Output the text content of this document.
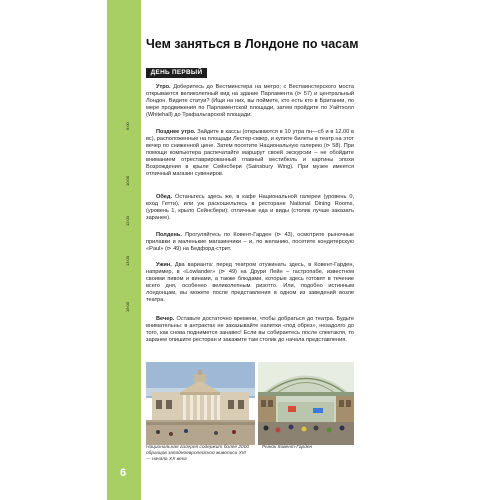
6
9:00
10:00
12:00
13:00
19:00
Чем заняться в Лондоне по часам
ДЕНЬ ПЕРВЫЙ
Утро. Доберитесь до Вестминстера на метро; с Вестминстерского моста открывается великолепный вид на здание Парламента (⊳ 57) и центральный Лондон. Видите статуи? (Ищи на них, вы поймете, кто есть кто в Британии, по мере продвижения по Парламентской площади, затем пройдите по Уайтхолл (Whitehall) до Трафальгарской площади.
Позднее утро. Зайдите в кассы (открываются в 10 утра пн—сб и в 12.00 в вс), расположенные на площади Лестер-сквер, и купите билеты в театр на этот вечер по сниженной цене. Затем посетите Национальную галерею (⊳ 58). При помощи компьютера распечатайте маршрут своей экскурсии – не обойдите вниманием отреставрированный главный вестибюль и картины эпохи Возрождения в крыле Сейнсбери (Sainsbury Wing). При музее имеется отличный магазин сувениров.
Обед. Останьтесь здесь же, в кафе Национальной галереи (уровень 0, вход Гетти), или уж раскошельтесь в ресторане National Dining Rooms, (уровень 1, крыло Сейнсбери); отличные еда и виды (столик лучше заказать заранее).
Полдень. Прогуляйтесь по Ковент-Гарден (⊳ 43), осмотрите рыночные прилавки и маленькие магазинчики – и, по желанию, посетите кондитерскую «Paul» (⊳ 49) на Бедфорд-стрит.
Ужин. Два варианта: перед театром отужинать здесь, в Ковент-Гарден, например, в «Lowlander» (⊳ 49) на Друри Лейн – гастропабе, известном своими пивом и винами, а также блюдами, которые здесь готовят в течение всего дня, особенно великолепным ризотто. Или, подобно истинным лондонцам, вы можете после представления в одном из заведений возле театра.
Вечер. Оставьте достаточно времени, чтобы добраться до театра. Будьте внимательны: в антрактах не заказывайте напитки «под обрез», незадолго до того, как снова поднимется занавес! Если вы собираетесь после спектакля, то заранее опишите ресторан и закажите там столик до начала представления.
Национальная галерея содержит более 2000 образцов западноевропейской живописи XIII — начала XX века
Рынок Ковент-Гарден
